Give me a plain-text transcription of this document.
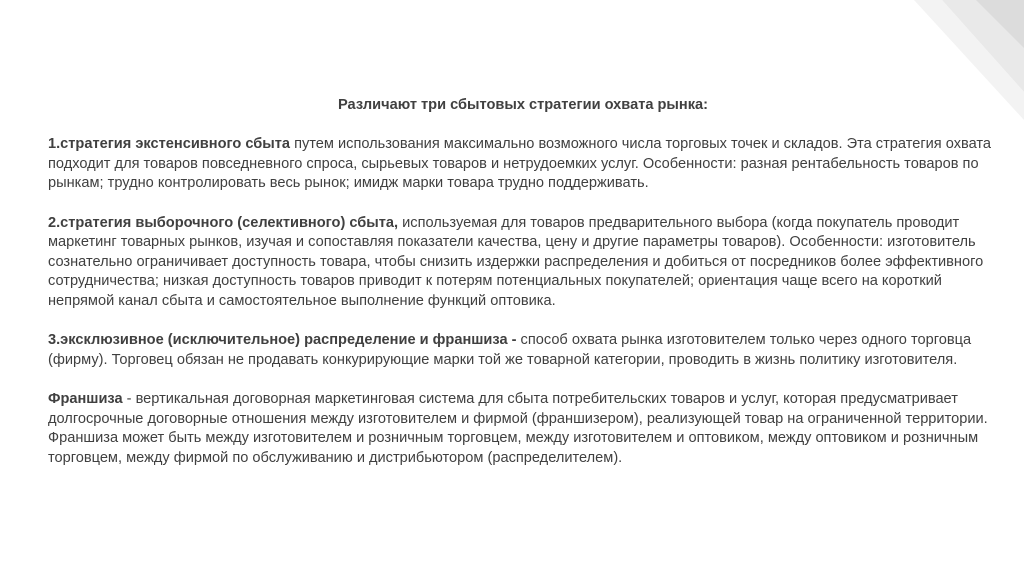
Различают три сбытовых стратегии охвата рынка:

1.стратегия экстенсивного сбыта путем использования максимально возможного числа торговых точек и складов. Эта стратегия охвата подходит для товаров повседневного спроса, сырьевых товаров и нетрудоемких услуг. Особенности: разная рентабельность товаров по рынкам; трудно контролировать весь рынок; имидж марки товара трудно поддерживать.

2.стратегия выборочного (селективного) сбыта, используемая для товаров предварительного выбора (когда покупатель проводит маркетинг товарных рынков, изучая и сопоставляя показатели качества, цену и другие параметры товаров). Особенности: изготовитель сознательно ограничивает доступность товара, чтобы снизить издержки распределения и добиться от посредников более эффективного сотрудничества; низкая доступность товаров приводит к потерям потенциальных покупателей; ориентация чаще всего на короткий непрямой канал сбыта и самостоятельное выполнение функций оптовика.

3.эксклюзивное (исключительное) распределение и франшиза - способ охвата рынка изготовителем только через одного торговца (фирму). Торговец обязан не продавать конкурирующие марки той же товарной категории, проводить в жизнь политику изготовителя.

Франшиза - вертикальная договорная маркетинговая система для сбыта потребительских товаров и услуг, которая предусматривает долгосрочные договорные отношения между изготовителем и фирмой (франшизером), реализующей товар на ограниченной территории. Франшиза может быть между изготовителем и розничным торговцем, между изготовителем и оптовиком, между оптовиком и розничным торговцем, между фирмой по обслуживанию и дистрибьютором (распределителем).
